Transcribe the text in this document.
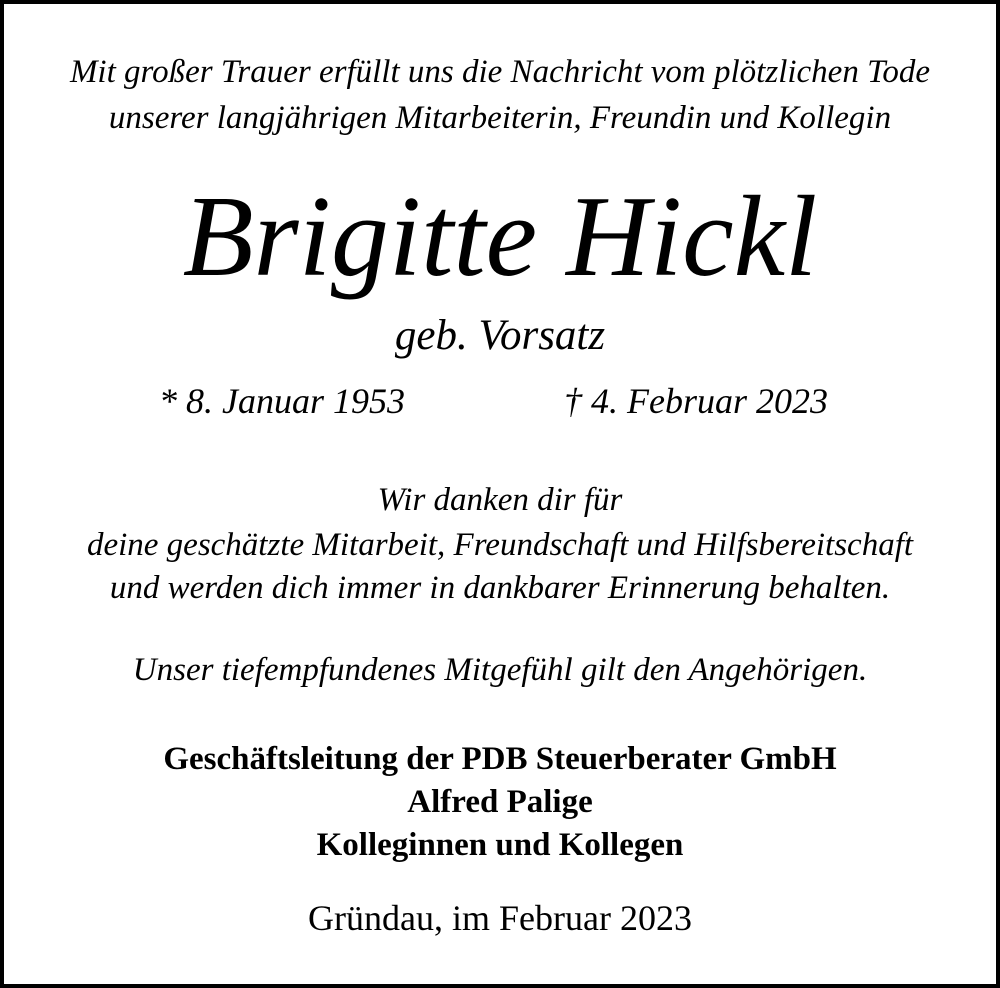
Mit großer Trauer erfüllt uns die Nachricht vom plötzlichen Tode

unserer langjährigen Mitarbeiterin, Freundin und Kollegin

Brigitte Hickl

geb. Vorsatz

* 8. Januar 1953	† 4. Februar 2023

Wir danken dir für

deine geschätzte Mitarbeit, Freundschaft und Hilfsbereitschaft

und werden dich immer in dankbarer Erinnerung behalten.

Unser tiefempfundenes Mitgefühl gilt den Angehörigen.

Geschäftsleitung der PDB Steuerberater GmbH

Alfred Palige

Kolleginnen und Kollegen

Gründau, im Februar 2023
